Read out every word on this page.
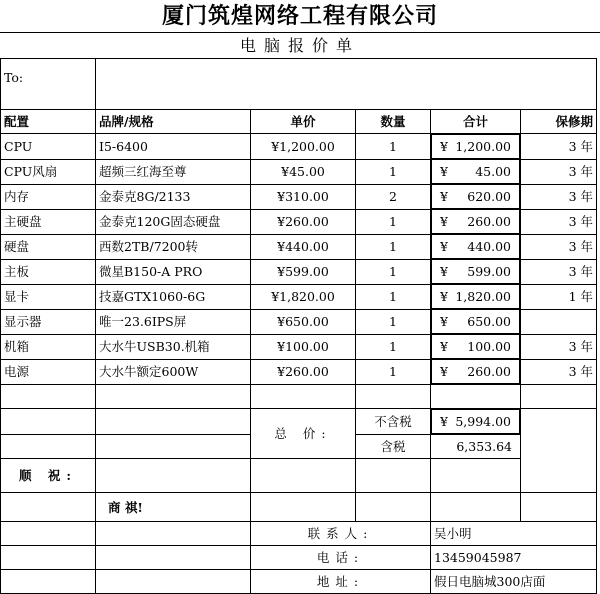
厦门筑煌网络工程有限公司
电脑报价单
To:					
配置	品牌/规格	单价	数量	合计	保修期
CPU	I5-6400	¥1,200.00	1		¥ 1,200.00	3 年
CPU风扇	超频三红海至尊	¥45.00	1		¥ 45.00	3 年
内存	金泰克8G/2133	¥310.00	2		¥ 620.00	3 年
主硬盘	金泰克120G固态硬盘	¥260.00	1		¥ 260.00	3 年
硬盘	西数2TB/7200转	¥440.00	1		¥ 440.00	3 年
主板	微星B150-A PRO	¥599.00	1		¥ 599.00	3 年
显卡	技嘉GTX1060-6G	¥1,820.00	1		¥ 1,820.00	1 年
显示器	唯一23.6IPS屏	¥650.00	1		¥ 650.00

机箱	大水牛USB30.机箱	¥100.00	1		¥ 100.00	3 年
电源	大水牛额定600W	¥260.00	1		¥ 260.00	3 年

		总 价:	不含税	¥ 5,994.00

			含税	6,353.64	
顺 祝:					
	商 祺!				
		联系人:		吴小明	
		电话:		13459045987	
		地址:		假日电脑城300店面	
